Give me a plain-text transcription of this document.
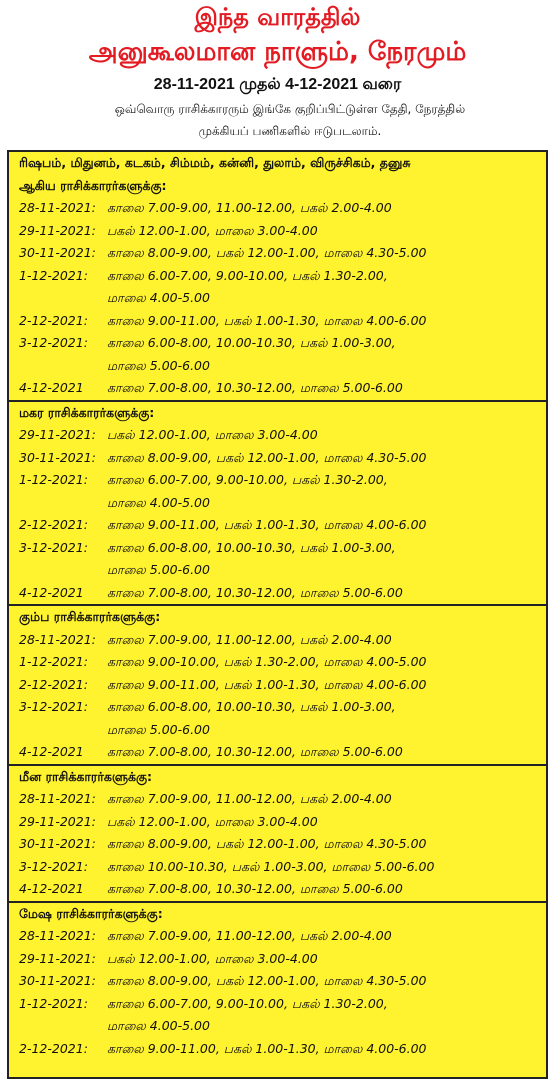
இந்த வாரத்தில்
அனுகூலமான நாளும், நேரமும்
28-11-2021 முதல் 4-12-2021 வரை
ஒவ்வொரு ராசிக்காரரும் இங்கே குறிப்பிட்டுள்ள தேதி, நேரத்தில்
முக்கியப் பணிகளில் ஈடுபடலாம்.
ரிஷபம், மிதுனம், கடகம், சிம்மம், கன்னி, துலாம், விருச்சிகம், தனுசு
ஆகிய ராசிக்காரர்களுக்கு:
28-11-2021: காலை 7.00-9.00, 11.00-12.00, பகல் 2.00-4.00
29-11-2021: பகல் 12.00-1.00, மாலை 3.00-4.00
30-11-2021: காலை 8.00-9.00, பகல் 12.00-1.00, மாலை 4.30-5.00
1-12-2021:	காலை 6.00-7.00, 9.00-10.00, பகல் 1.30-2.00,
மாலை 4.00-5.00
2-12-2021:	காலை 9.00-11.00, பகல் 1.00-1.30, மாலை 4.00-6.00
3-12-2021:	காலை 6.00-8.00, 10.00-10.30, பகல் 1.00-3.00,
மாலை 5.00-6.00
4-12-2021	காலை 7.00-8.00, 10.30-12.00, மாலை 5.00-6.00
மகர ராசிக்காரர்களுக்கு:
29-11-2021: பகல் 12.00-1.00, மாலை 3.00-4.00
30-11-2021: காலை 8.00-9.00, பகல் 12.00-1.00, மாலை 4.30-5.00
1-12-2021:	காலை 6.00-7.00, 9.00-10.00, பகல் 1.30-2.00,
மாலை 4.00-5.00
2-12-2021:	காலை 9.00-11.00, பகல் 1.00-1.30, மாலை 4.00-6.00
3-12-2021:	காலை 6.00-8.00, 10.00-10.30, பகல் 1.00-3.00,
மாலை 5.00-6.00
4-12-2021	காலை 7.00-8.00, 10.30-12.00, மாலை 5.00-6.00
கும்ப ராசிக்காரர்களுக்கு:
28-11-2021: காலை 7.00-9.00, 11.00-12.00, பகல் 2.00-4.00
1-12-2021:	காலை 9.00-10.00, பகல் 1.30-2.00, மாலை 4.00-5.00
2-12-2021:	காலை 9.00-11.00, பகல் 1.00-1.30, மாலை 4.00-6.00
3-12-2021:	காலை 6.00-8.00, 10.00-10.30, பகல் 1.00-3.00,
மாலை 5.00-6.00
4-12-2021	காலை 7.00-8.00, 10.30-12.00, மாலை 5.00-6.00
மீன ராசிக்காரர்களுக்கு:
28-11-2021: காலை 7.00-9.00, 11.00-12.00, பகல் 2.00-4.00
29-11-2021: பகல் 12.00-1.00, மாலை 3.00-4.00
30-11-2021: காலை 8.00-9.00, பகல் 12.00-1.00, மாலை 4.30-5.00
3-12-2021:	காலை 10.00-10.30, பகல் 1.00-3.00, மாலை 5.00-6.00
4-12-2021	காலை 7.00-8.00, 10.30-12.00, மாலை 5.00-6.00
மேஷ ராசிக்காரர்களுக்கு:
28-11-2021: காலை 7.00-9.00, 11.00-12.00, பகல் 2.00-4.00
29-11-2021: பகல் 12.00-1.00, மாலை 3.00-4.00
30-11-2021: காலை 8.00-9.00, பகல் 12.00-1.00, மாலை 4.30-5.00
1-12-2021:	காலை 6.00-7.00, 9.00-10.00, பகல் 1.30-2.00,
மாலை 4.00-5.00
2-12-2021:	காலை 9.00-11.00, பகல் 1.00-1.30, மாலை 4.00-6.00
